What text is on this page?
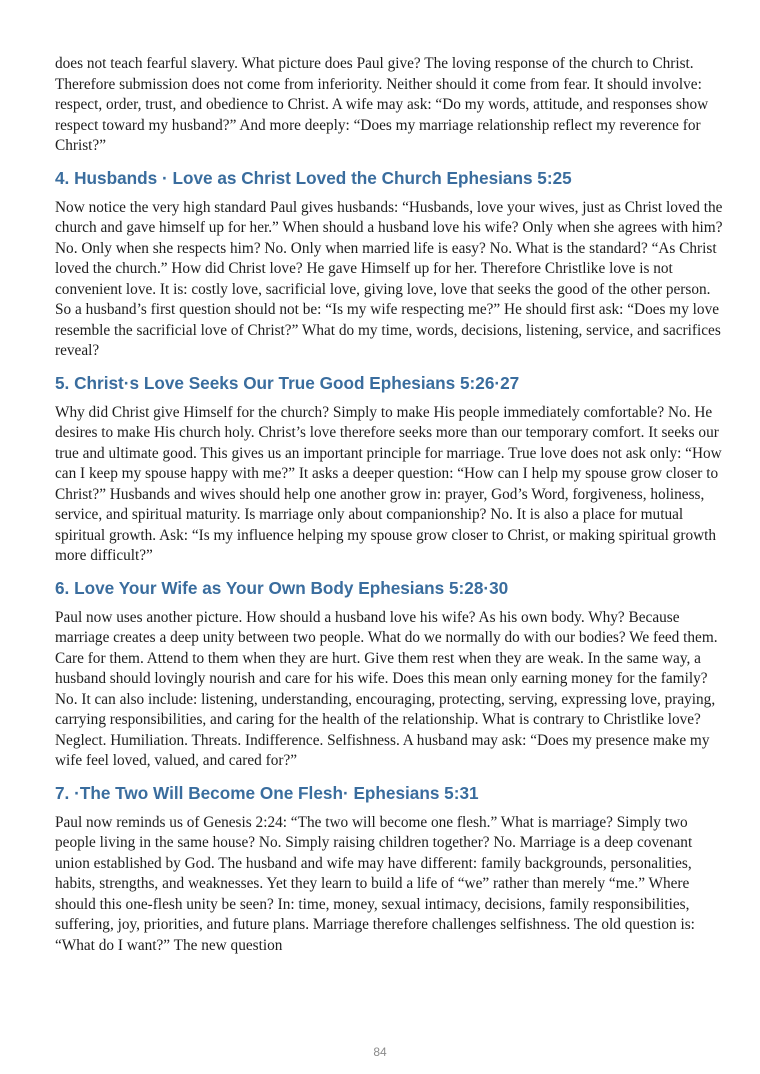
does not teach fearful slavery. What picture does Paul give? The loving response of the church to Christ. Therefore submission does not come from inferiority. Neither should it come from fear. It should involve: respect, order, trust, and obedience to Christ. A wife may ask: “Do my words, attitude, and responses show respect toward my husband?” And more deeply: “Does my marriage relationship reflect my reverence for Christ?”

4. Husbands · Love as Christ Loved the Church Ephesians 5:25

Now notice the very high standard Paul gives husbands: “Husbands, love your wives, just as Christ loved the church and gave himself up for her.” When should a husband love his wife? Only when she agrees with him? No. Only when she respects him? No. Only when married life is easy? No. What is the standard? “As Christ loved the church.” How did Christ love? He gave Himself up for her. Therefore Christlike love is not convenient love. It is: costly love, sacrificial love, giving love, love that seeks the good of the other person. So a husband’s first question should not be: “Is my wife respecting me?” He should first ask: “Does my love resemble the sacrificial love of Christ?” What do my time, words, decisions, listening, service, and sacrifices reveal?

5. Christ·s Love Seeks Our True Good Ephesians 5:26·27

Why did Christ give Himself for the church? Simply to make His people immediately comfortable? No. He desires to make His church holy. Christ’s love therefore seeks more than our temporary comfort. It seeks our true and ultimate good. This gives us an important principle for marriage. True love does not ask only: “How can I keep my spouse happy with me?” It asks a deeper question: “How can I help my spouse grow closer to Christ?” Husbands and wives should help one another grow in: prayer, God’s Word, forgiveness, holiness, service, and spiritual maturity. Is marriage only about companionship? No. It is also a place for mutual spiritual growth. Ask: “Is my influence helping my spouse grow closer to Christ, or making spiritual growth more difficult?”

6. Love Your Wife as Your Own Body Ephesians 5:28·30

Paul now uses another picture. How should a husband love his wife? As his own body. Why? Because marriage creates a deep unity between two people. What do we normally do with our bodies? We feed them. Care for them. Attend to them when they are hurt. Give them rest when they are weak. In the same way, a husband should lovingly nourish and care for his wife. Does this mean only earning money for the family? No. It can also include: listening, understanding, encouraging, protecting, serving, expressing love, praying, carrying responsibilities, and caring for the health of the relationship. What is contrary to Christlike love? Neglect. Humiliation. Threats. Indifference. Selfishness. A husband may ask: “Does my presence make my wife feel loved, valued, and cared for?”

7. ·The Two Will Become One Flesh· Ephesians 5:31

Paul now reminds us of Genesis 2:24: “The two will become one flesh.” What is marriage? Simply two people living in the same house? No. Simply raising children together? No. Marriage is a deep covenant union established by God. The husband and wife may have different: family backgrounds, personalities, habits, strengths, and weaknesses. Yet they learn to build a life of “we” rather than merely “me.” Where should this one-flesh unity be seen? In: time, money, sexual intimacy, decisions, family responsibilities, suffering, joy, priorities, and future plans. Marriage therefore challenges selfishness. The old question is: “What do I want?” The new question

84
